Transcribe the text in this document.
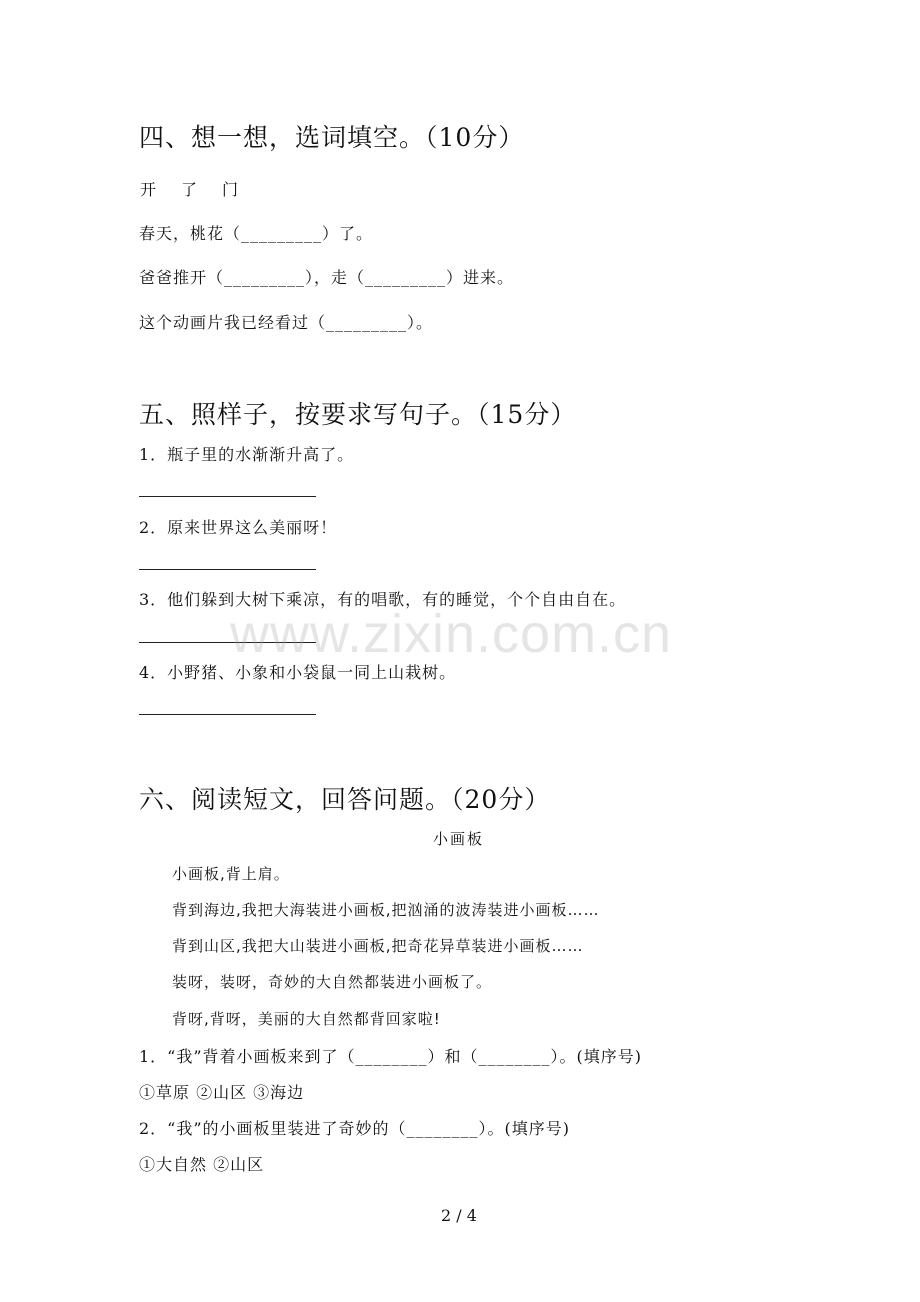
四、想一想，选词填空。（10分）
开 了 门
春天，桃花（_________）了。
爸爸推开（_________），走（_________）进来。
这个动画片我已经看过（_________）。
五、照样子，按要求写句子。（15分）
1．瓶子里的水渐渐升高了。
2．原来世界这么美丽呀！
3．他们躲到大树下乘凉，有的唱歌，有的睡觉，个个自由自在。
4．小野猪、小象和小袋鼠一同上山栽树。
www.zixin.com.cn
六、阅读短文，回答问题。（20分）
小画板
小画板,背上肩。
背到海边,我把大海装进小画板,把汹涌的波涛装进小画板……
背到山区,我把大山装进小画板,把奇花异草装进小画板……
装呀，装呀，奇妙的大自然都装进小画板了。
背呀,背呀，美丽的大自然都背回家啦!
1．“我”背着小画板来到了（________）和（________）。(填序号)
①草原 ②山区 ③海边
2．“我”的小画板里装进了奇妙的（________）。(填序号)
①大自然 ②山区
2 / 4
